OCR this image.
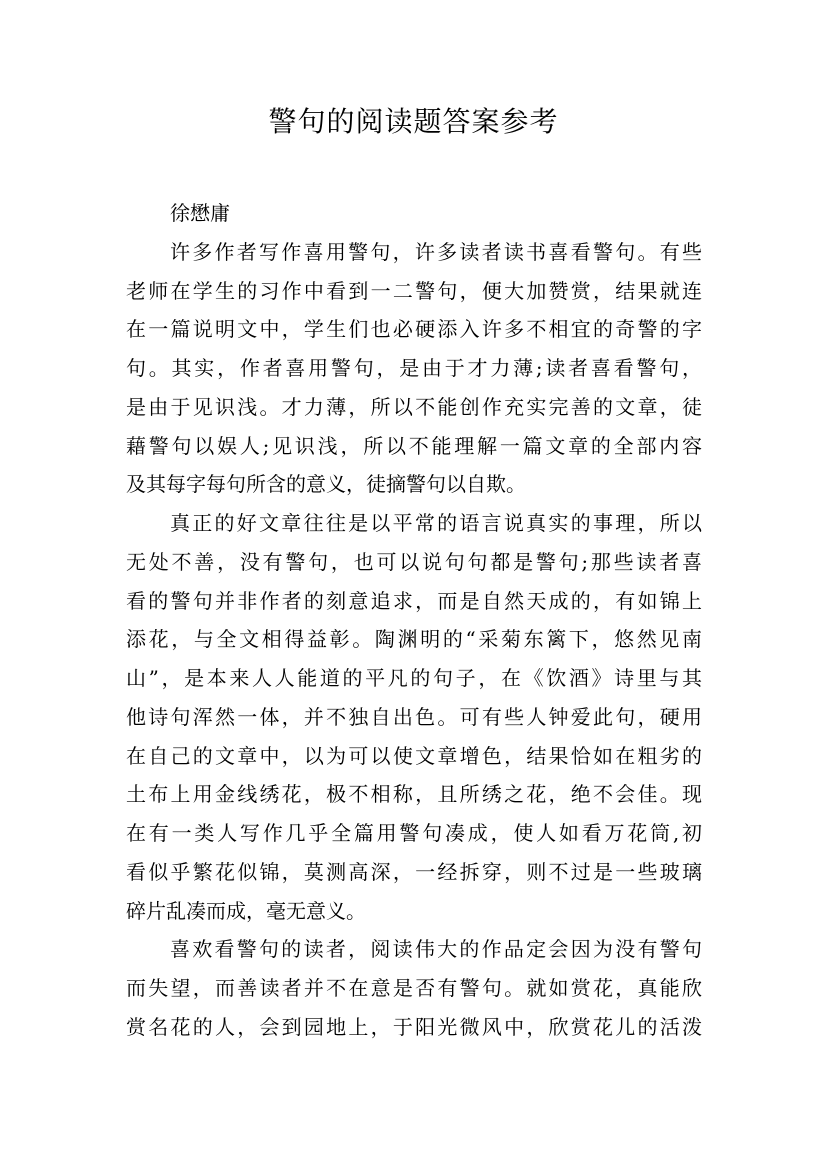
警句的阅读题答案参考
徐懋庸
许多作者写作喜用警句，许多读者读书喜看警句。有些
老师在学生的习作中看到一二警句，便大加赞赏，结果就连
在一篇说明文中，学生们也必硬添入许多不相宜的奇警的字
句。其实，作者喜用警句，是由于才力薄;读者喜看警句，
是由于见识浅。才力薄，所以不能创作充实完善的文章，徒
藉警句以娱人;见识浅，所以不能理解一篇文章的全部内容
及其每字每句所含的意义，徒摘警句以自欺。
真正的好文章往往是以平常的语言说真实的事理，所以
无处不善，没有警句，也可以说句句都是警句;那些读者喜
看的警句并非作者的刻意追求，而是自然天成的，有如锦上
添花，与全文相得益彰。陶渊明的“采菊东篱下，悠然见南
山”，是本来人人能道的平凡的句子，在《饮酒》诗里与其
他诗句浑然一体，并不独自出色。可有些人钟爱此句，硬用
在自己的文章中，以为可以使文章增色，结果恰如在粗劣的
土布上用金线绣花，极不相称，且所绣之花，绝不会佳。现
在有一类人写作几乎全篇用警句凑成，使人如看万花筒,初
看似乎繁花似锦，莫测高深，一经拆穿，则不过是一些玻璃
碎片乱凑而成，毫无意义。
喜欢看警句的读者，阅读伟大的作品定会因为没有警句
而失望，而善读者并不在意是否有警句。就如赏花，真能欣
赏名花的人，会到园地上，于阳光微风中，欣赏花儿的活泼
